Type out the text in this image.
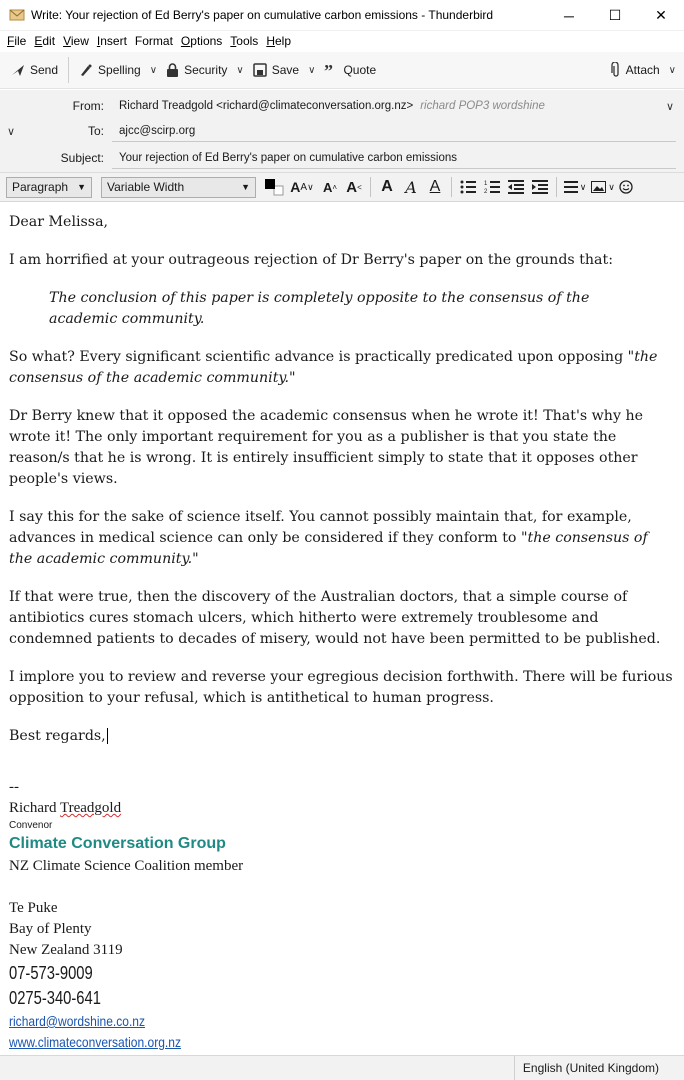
Write: Your rejection of Ed Berry's paper on cumulative carbon emissions - Thunderbird	─	☐	✕
File Edit View Insert Format Options Tools Help
Send	Spelling ∨	Security ∨	Save ∨ ” Quote	Attach ∨
From: Richard Treadgold <richard@climateconversation.org.nz> richard POP3 wordshine	∨
∨	To: ajcc@scirp.org
Subject: Your rejection of Ed Berry's paper on cumulative carbon emissions
Paragraph ▼ Variable Width	▼	A A ∨ A ˄ A ˂ A A A	1
2
∨ ∨

Dear Melissa,

I am horrified at your outrageous rejection of Dr Berry's paper on the grounds that:

The conclusion of this paper is completely opposite to the consensus of the academic community.

So what? Every significant scientific advance is practically predicated upon opposing "the consensus of the academic community."

Dr Berry knew that it opposed the academic consensus when he wrote it! That's why he wrote it! The only important requirement for you as a publisher is that you state the reason/s that he is wrong. It is entirely insufficient simply to state that it opposes other people's views.

I say this for the sake of science itself. You cannot possibly maintain that, for example, advances in medical science can only be considered if they conform to "the consensus of the academic community."

If that were true, then the discovery of the Australian doctors, that a simple course of antibiotics cures stomach ulcers, which hitherto were extremely troublesome and condemned patients to decades of misery, would not have been permitted to be published.

I implore you to review and reverse your egregious decision forthwith. There will be furious opposition to your refusal, which is antithetical to human progress.

Best regards,

--
Richard Treadgold
Convenor
Climate Conversation Group
NZ Climate Science Coalition member
Te Puke
Bay of Plenty
New Zealand 3119
07-573-9009
0275-340-641
richard@wordshine.co.nz
www.climateconversation.org.nz
English (United Kingdom)
